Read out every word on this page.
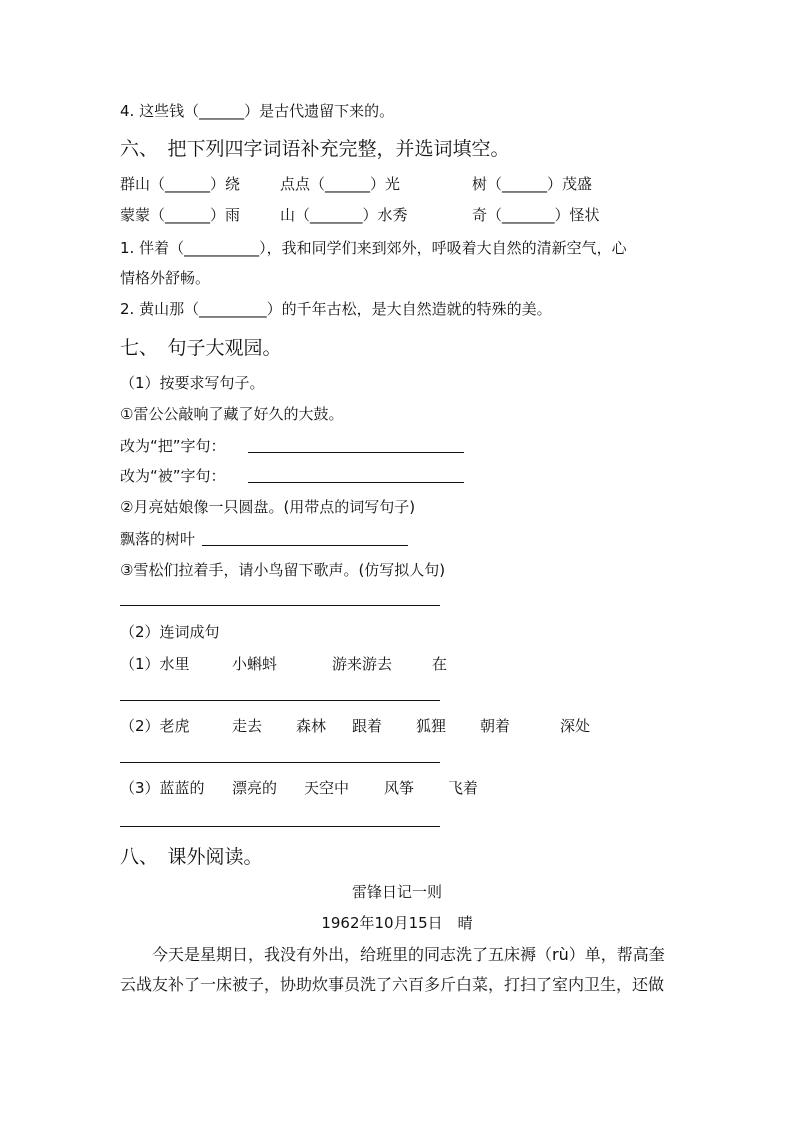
4. 这些钱（______）是古代遗留下来的。
六、　把下列四字词语补充完整，并选词填空。
群山（______）绕	点点（______）光	树（______）茂盛
蒙蒙（______）雨	山（_______）水秀	奇（_______）怪状
1. 伴着（__________），我和同学们来到郊外，呼吸着大自然的清新空气，心
情格外舒畅。
2. 黄山那（_________）的千年古松，是大自然造就的特殊的美。
七、　句子大观园。
（1）按要求写句子。
①雷公公敲响了藏了好久的大鼓。
改为“把”字句：
改为“被”字句：
②月亮姑娘像一只圆盘。(用带点的词写句子)
飘落的树叶
③雪松们拉着手，请小鸟留下歌声。(仿写拟人句)
（2）连词成句
（1）水里	小蝌蚪	游来游去	在
（2）老虎	走去 森林 跟着 狐狸 朝着	深处
（3）蓝蓝的 漂亮的 天空中 风筝 飞着
八、　课外阅读。
雷锋日记一则
1962年10月15日　晴

今天是星期日，我没有外出，给班里的同志洗了五床褥（rù）单，帮高奎云战友补了一床被子，协助炊事员洗了六百多斤白菜，打扫了室内卫生，还做
